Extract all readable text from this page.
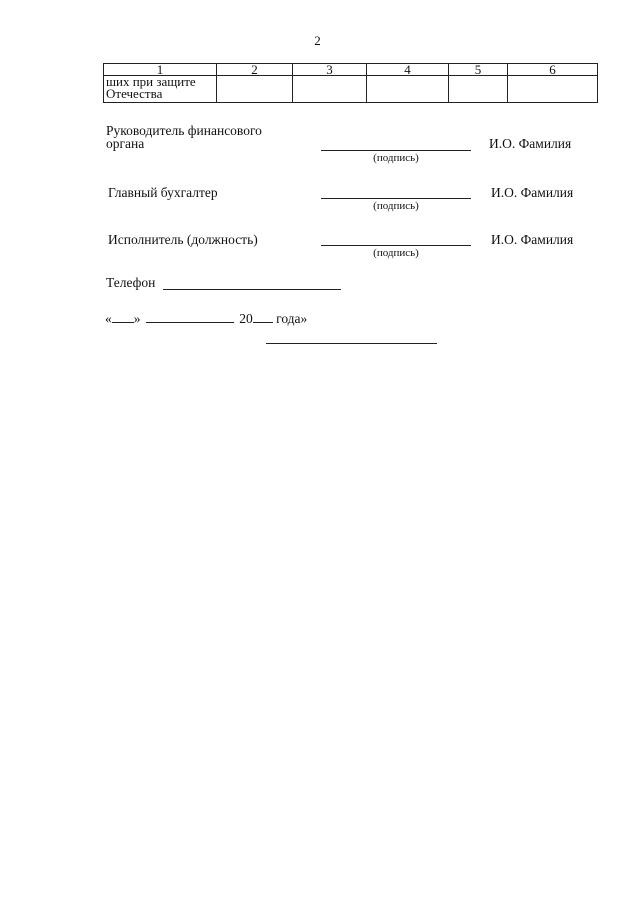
2
1	2	3	4	5	6
ших при защите Отечества					
Руководитель финансового органа
(подпись)
И.О. Фамилия
Главный бухгалтер
(подпись)
И.О. Фамилия
Исполнитель (должность)
(подпись)
И.О. Фамилия
Телефон
« »	20 года»
